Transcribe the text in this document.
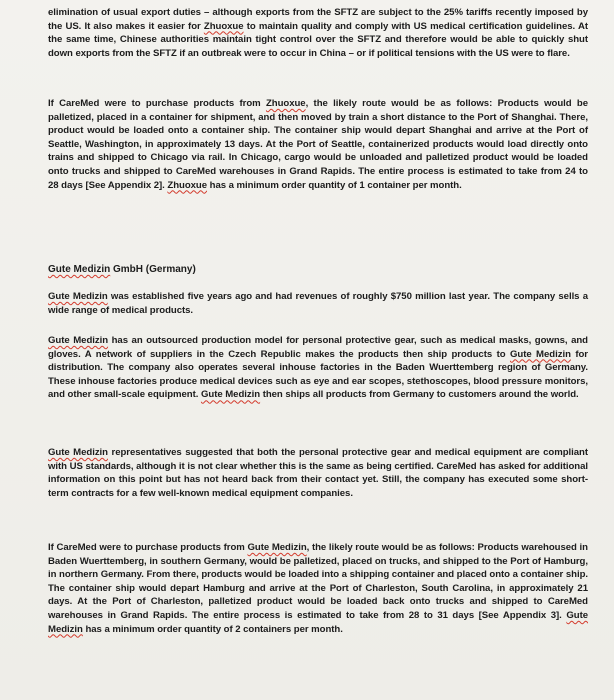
elimination of usual export duties – although exports from the SFTZ are subject to the 25% tariffs recently imposed by the US. It also makes it easier for Zhuoxue to maintain quality and comply with US medical certification guidelines. At the same time, Chinese authorities maintain tight control over the SFTZ and therefore would be able to quickly shut down exports from the SFTZ if an outbreak were to occur in China – or if political tensions with the US were to flare.

If CareMed were to purchase products from Zhuoxue, the likely route would be as follows: Products would be palletized, placed in a container for shipment, and then moved by train a short distance to the Port of Shanghai. There, product would be loaded onto a container ship. The container ship would depart Shanghai and arrive at the Port of Seattle, Washington, in approximately 13 days. At the Port of Seattle, containerized products would load directly onto trains and shipped to Chicago via rail. In Chicago, cargo would be unloaded and palletized product would be loaded onto trucks and shipped to CareMed warehouses in Grand Rapids. The entire process is estimated to take from 24 to 28 days [See Appendix 2]. Zhuoxue has a minimum order quantity of 1 container per month.

Gute Medizin GmbH (Germany)

Gute Medizin was established five years ago and had revenues of roughly $750 million last year. The company sells a wide range of medical products.

Gute Medizin has an outsourced production model for personal protective gear, such as medical masks, gowns, and gloves. A network of suppliers in the Czech Republic makes the products then ship products to Gute Medizin for distribution. The company also operates several inhouse factories in the Baden Wuerttemberg region of Germany. These inhouse factories produce medical devices such as eye and ear scopes, stethoscopes, blood pressure monitors, and other small-scale equipment. Gute Medizin then ships all products from Germany to customers around the world.

Gute Medizin representatives suggested that both the personal protective gear and medical equipment are compliant with US standards, although it is not clear whether this is the same as being certified. CareMed has asked for additional information on this point but has not heard back from their contact yet. Still, the company has executed some short-term contracts for a few well-known medical equipment companies.

If CareMed were to purchase products from Gute Medizin, the likely route would be as follows: Products warehoused in Baden Wuerttemberg, in southern Germany, would be palletized, placed on trucks, and shipped to the Port of Hamburg, in northern Germany. From there, products would be loaded into a shipping container and placed onto a container ship. The container ship would depart Hamburg and arrive at the Port of Charleston, South Carolina, in approximately 21 days. At the Port of Charleston, palletized product would be loaded back onto trucks and shipped to CareMed warehouses in Grand Rapids. The entire process is estimated to take from 28 to 31 days [See Appendix 3]. Gute Medizin has a minimum order quantity of 2 containers per month.
